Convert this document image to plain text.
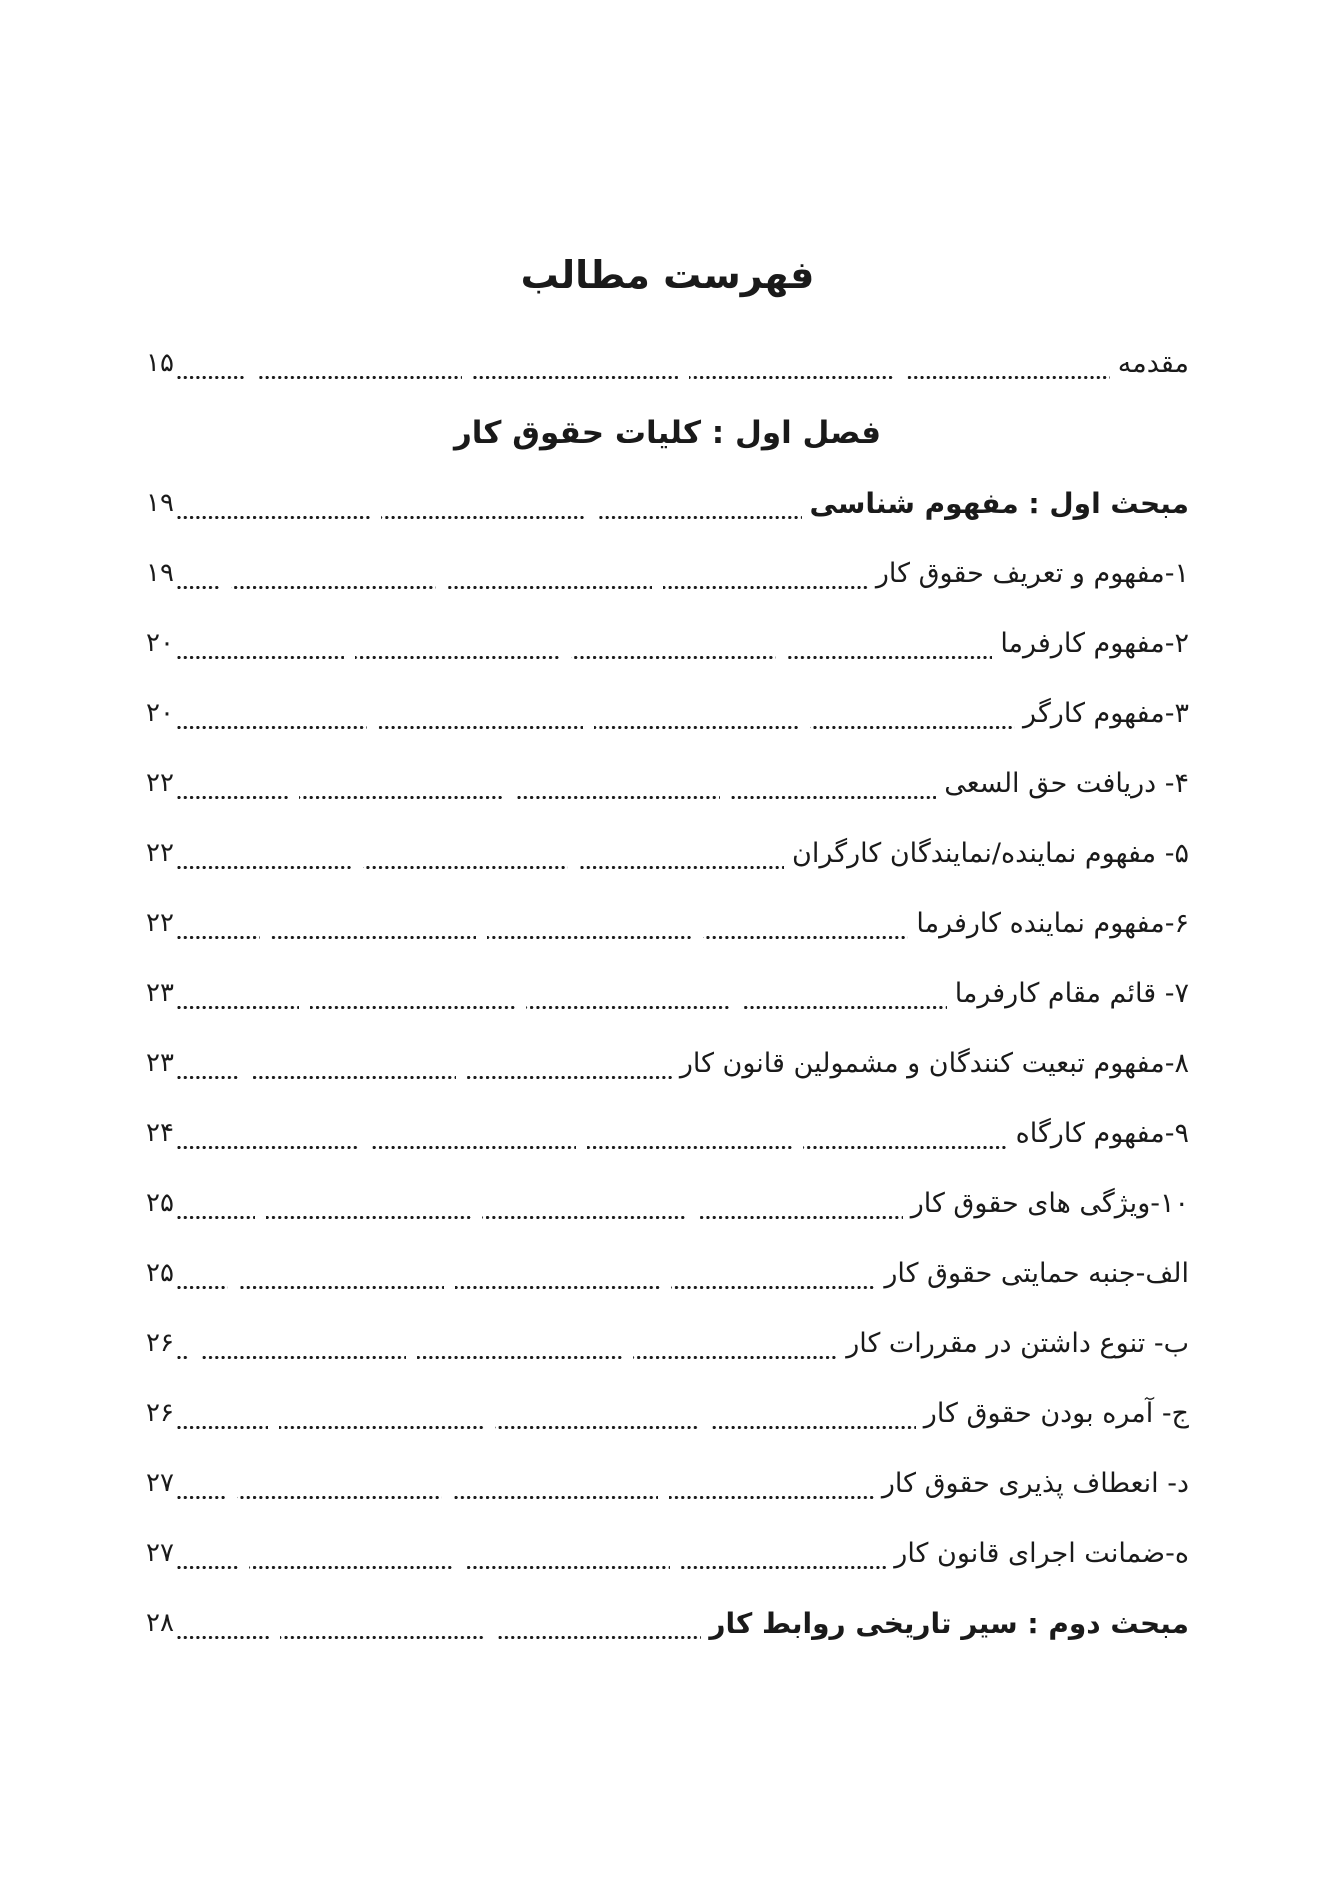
فهرست مطالب
مقدمه
۱۵
فصل اول : کلیات حقوق کار
مبحث اول : مفهوم شناسی
۱۹
۱-مفهوم و تعریف حقوق کار
۱۹
۲-مفهوم کارفرما
۲۰
۳-مفهوم کارگر
۲۰
۴- دریافت حق السعی
۲۲
۵- مفهوم نماینده/نمایندگان کارگران
۲۲
۶-مفهوم نماینده کارفرما
۲۲
۷- قائم مقام کارفرما
۲۳
۸-مفهوم تبعیت کنندگان و مشمولین قانون کار
۲۳
۹-مفهوم کارگاه
۲۴
۱۰-ویژگی های حقوق کار
۲۵
الف-جنبه حمایتی حقوق کار
۲۵
ب- تنوع داشتن در مقررات کار
۲۶
ج- آمره بودن حقوق کار
۲۶
د- انعطاف پذیری حقوق کار
۲۷
ه-ضمانت اجرای قانون کار
۲۷
مبحث دوم : سیر تاریخی روابط کار
۲۸
